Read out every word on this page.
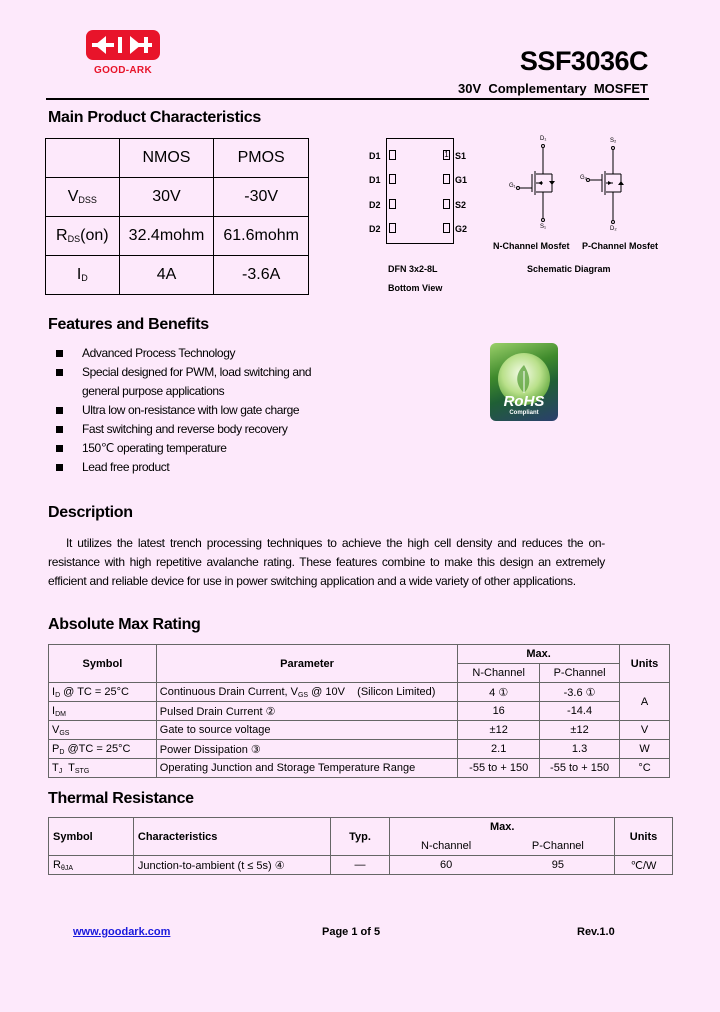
GOOD-ARK	SSF3036C
30V  Complementary  MOSFET
Main Product Characteristics
	NMOS	PMOS
$V_{DSS}$	30V	-30V
$R_{DS}(on)$	32.4mohm	61.6mohm
$I_D$	4A	-3.6A
D1
D1
D2
D2
1 S1
G1
S2
G2
DFN 3x2-8L
Bottom View
D₁
G₁
S₁
S₂
G₂
D₂
N-Channel Mosfet P-Channel Mosfet
Schematic Diagram
Features and Benefits
Advanced Process Technology
Special designed for PWM, load switching and general purpose applications
Ultra low on-resistance with low gate charge
Fast switching and reverse body recovery
150℃ operating temperature
Lead free product
RoHS
Compliant
Description
It utilizes the latest trench processing techniques to achieve the high cell density and reduces the on-resistance with high repetitive avalanche rating. These features combine to make this design an extremely efficient and reliable device for use in power switching application and a wide variety of other applications.
Absolute Max Rating
Symbol	Parameter	Max.		Units
		N-Channel	P-Channel	
ID @ TC = 25°C	Continuous Drain Current, VGS @ 10V    (Silicon Limited)	4 ①	-3.6 ①	A
IDM	Pulsed Drain Current ②	16	-14.4	
VGS	Gate to source voltage	±12	±12	V
PD @TC = 25°C	Power Dissipation ③	2.1	1.3	W
TJ  TSTG	Operating Junction and Storage Temperature Range	-55 to + 150	-55 to + 150	°C
Thermal Resistance
Symbol	Characteristics	Typ.	Max.		Units
			N-channel	P-Channel	
RθJA	Junction-to-ambient (t ≤ 5s) ④	—	60	95	℃/W
www.goodark.com	Page 1 of 5	Rev.1.0
